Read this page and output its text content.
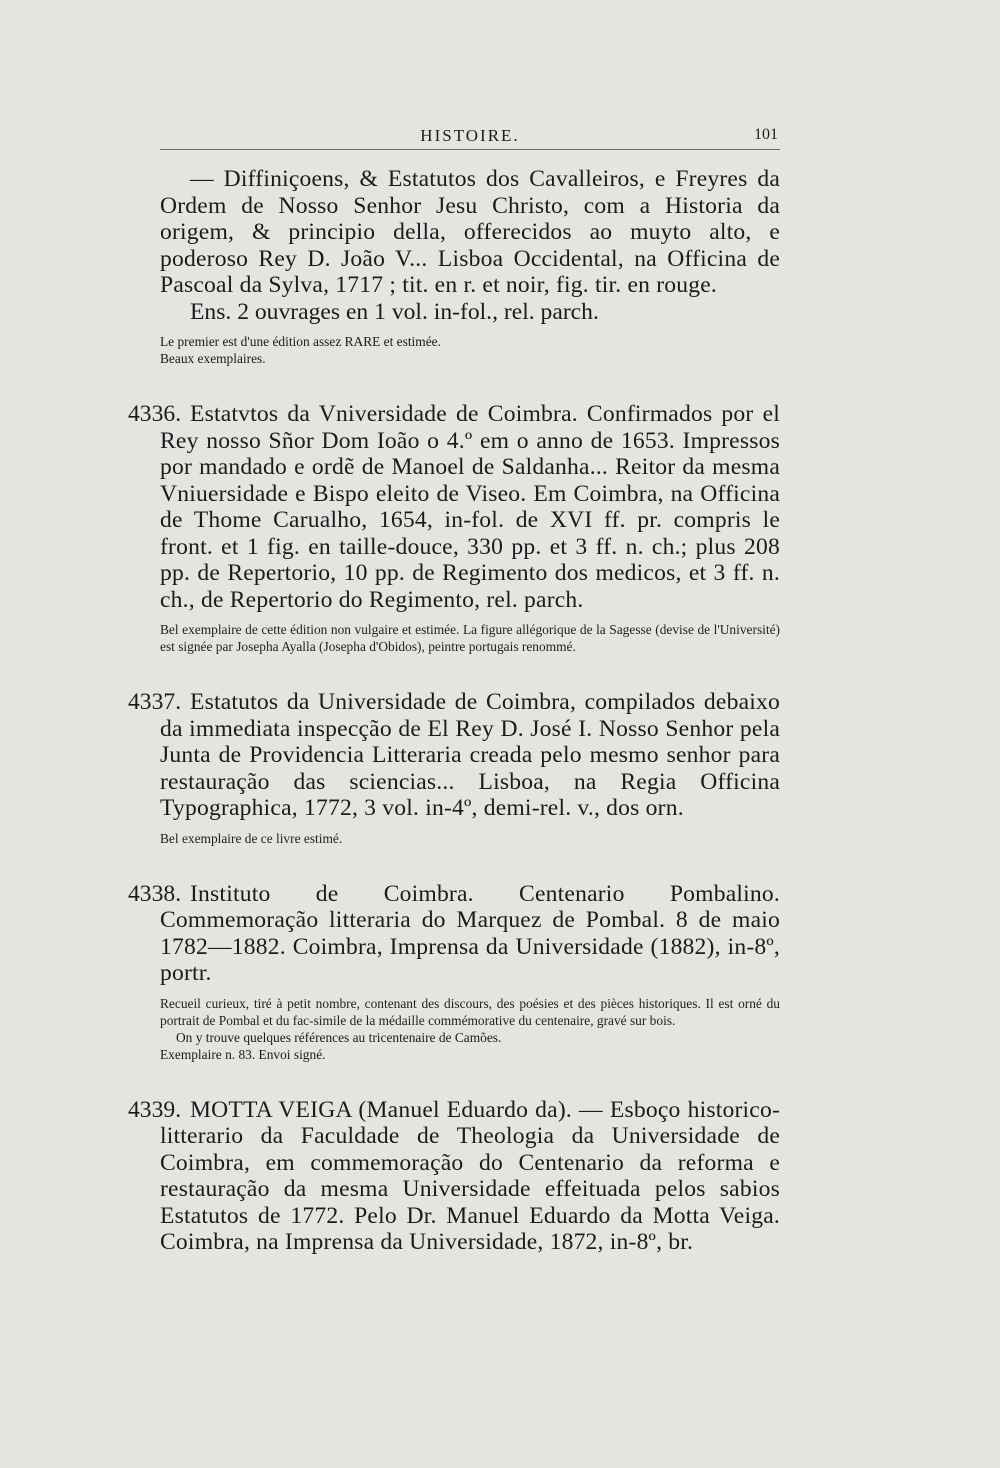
HISTOIRE.	101

— Diffiniçoens, & Estatutos dos Cavalleiros, e Freyres da Ordem de Nosso Senhor Jesu Christo, com a Historia da origem, & principio della, offerecidos ao muyto alto, e poderoso Rey D. João V... Lisboa Occidental, na Officina de Pascoal da Sylva, 1717 ; tit. en r. et noir, fig. tir. en rouge.

Ens. 2 ouvrages en 1 vol. in-fol., rel. parch.

Le premier est d'une édition assez RARE et estimée.

Beaux exemplaires.

4336. Estatvtos da Vniversidade de Coimbra. Confirmados por el Rey nosso Sñor Dom Ioão o 4.º em o anno de 1653. Impressos por mandado e ordẽ de Manoel de Saldanha... Reitor da mesma Vniuersidade e Bispo eleito de Viseo. Em Coimbra, na Officina de Thome Carualho, 1654, in-fol. de XVI ff. pr. compris le front. et 1 fig. en taille-douce, 330 pp. et 3 ff. n. ch.; plus 208 pp. de Repertorio, 10 pp. de Regimento dos medicos, et 3 ff. n. ch., de Repertorio do Regimento, rel. parch.

Bel exemplaire de cette édition non vulgaire et estimée. La figure allégorique de la Sagesse (devise de l'Université) est signée par Josepha Ayalla (Josepha d'Obidos), peintre portugais renommé.

4337. Estatutos da Universidade de Coimbra, compilados debaixo da immediata inspecção de El Rey D. José I. Nosso Senhor pela Junta de Providencia Litteraria creada pelo mesmo senhor para restauração das sciencias... Lisboa, na Regia Officina Typographica, 1772, 3 vol. in-4º, demi-rel. v., dos orn.

Bel exemplaire de ce livre estimé.

4338. Instituto de Coimbra. Centenario Pombalino. Commemoração litteraria do Marquez de Pombal. 8 de maio 1782—1882. Coimbra, Imprensa da Universidade (1882), in-8º, portr.

Recueil curieux, tiré à petit nombre, contenant des discours, des poésies et des pièces historiques. Il est orné du portrait de Pombal et du fac-simile de la médaille commémorative du centenaire, gravé sur bois.

On y trouve quelques références au tricentenaire de Camões.

Exemplaire n. 83. Envoi signé.

4339. MOTTA VEIGA (Manuel Eduardo da). — Esboço historico-litterario da Faculdade de Theologia da Universidade de Coimbra, em commemoração do Centenario da reforma e restauração da mesma Universidade effeituada pelos sabios Estatutos de 1772. Pelo Dr. Manuel Eduardo da Motta Veiga. Coimbra, na Imprensa da Universidade, 1872, in-8º, br.
